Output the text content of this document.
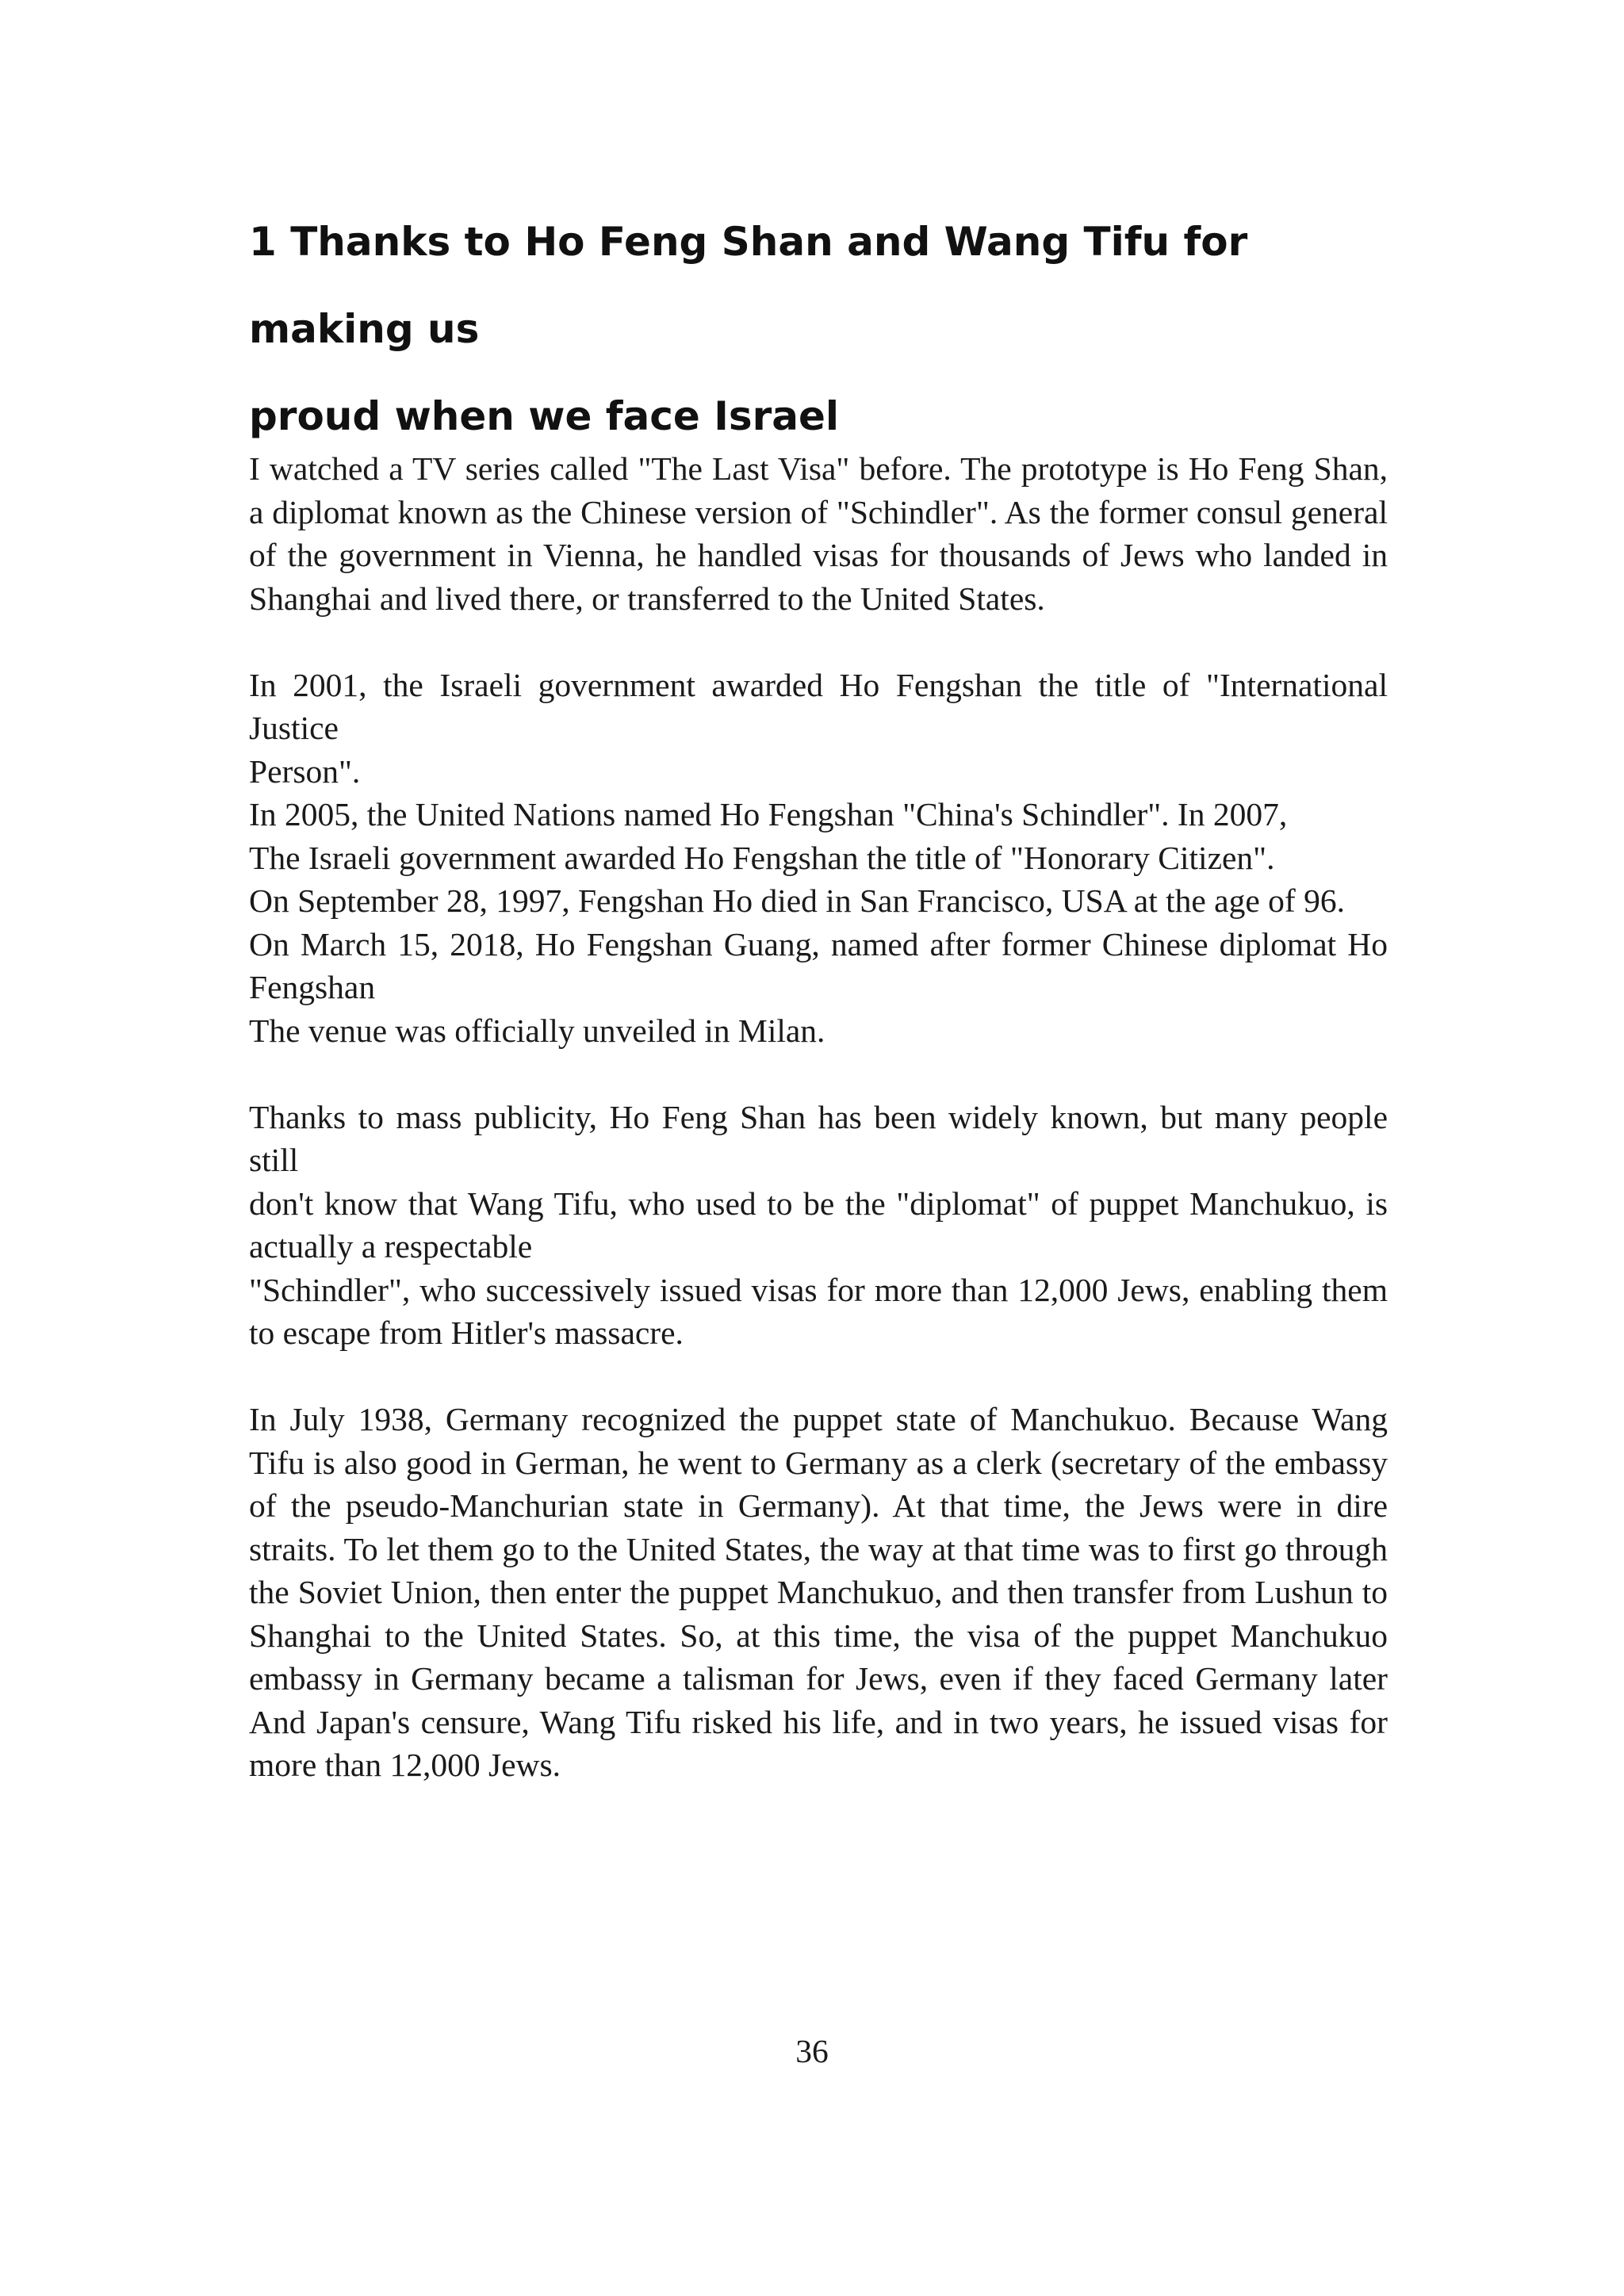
1 Thanks to Ho Feng Shan and Wang Tifu for making us
proud when we face Israel

I watched a TV series called "The Last Visa" before. The prototype is Ho Feng Shan, a diplomat known as the Chinese version of "Schindler". As the former consul general of the government in Vienna, he handled visas for thousands of Jews who landed in Shanghai and lived there, or transferred to the United States.

In 2001, the Israeli government awarded Ho Fengshan the title of "International Justice
Person".
In 2005, the United Nations named Ho Fengshan "China's Schindler". In 2007,
The Israeli government awarded Ho Fengshan the title of "Honorary Citizen".
On September 28, 1997, Fengshan Ho died in San Francisco, USA at the age of 96.
On March 15, 2018, Ho Fengshan Guang, named after former Chinese diplomat Ho
Fengshan
The venue was officially unveiled in Milan.
Thanks to mass publicity, Ho Feng Shan has been widely known, but many people still
don't know that Wang Tifu, who used to be the "diplomat" of puppet Manchukuo, is
actually a respectable
"Schindler", who successively issued visas for more than 12,000 Jews, enabling them
to escape from Hitler's massacre.

In July 1938, Germany recognized the puppet state of Manchukuo. Because Wang Tifu is also good in German, he went to Germany as a clerk (secretary of the embassy of the pseudo-Manchurian state in Germany). At that time, the Jews were in dire straits. To let them go to the United States, the way at that time was to first go through the Soviet Union, then enter the puppet Manchukuo, and then transfer from Lushun to Shanghai to the United States. So, at this time, the visa of the puppet Manchukuo embassy in Germany became a talisman for Jews, even if they faced Germany later And Japan's censure, Wang Tifu risked his life, and in two years, he issued visas for more than 12,000 Jews.

36
